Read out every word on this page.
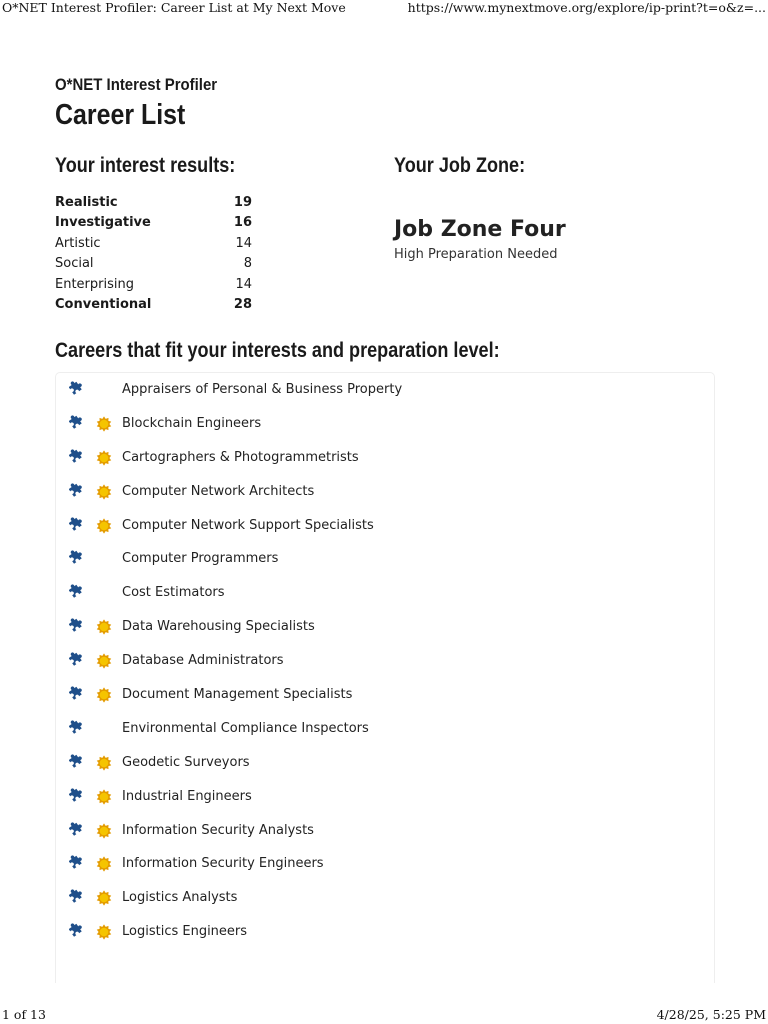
O*NET Interest Profiler: Career List at My Next Move	https://www.mynextmove.org/explore/ip-print?t=o&z=...
O*NET Interest Profiler
Career List
Your interest results:
Realistic	19
Investigative	16
Artistic	14
Social	8
Enterprising	14
Conventional	28
Your Job Zone:
Job Zone Four
High Preparation Needed
Careers that fit your interests and preparation level:
Appraisers of Personal & Business Property
Blockchain Engineers
Cartographers & Photogrammetrists
Computer Network Architects
Computer Network Support Specialists
Computer Programmers
Cost Estimators
Data Warehousing Specialists
Database Administrators
Document Management Specialists
Environmental Compliance Inspectors
Geodetic Surveyors
Industrial Engineers
Information Security Analysts
Information Security Engineers
Logistics Analysts
Logistics Engineers
1 of 13	4/28/25, 5:25 PM
